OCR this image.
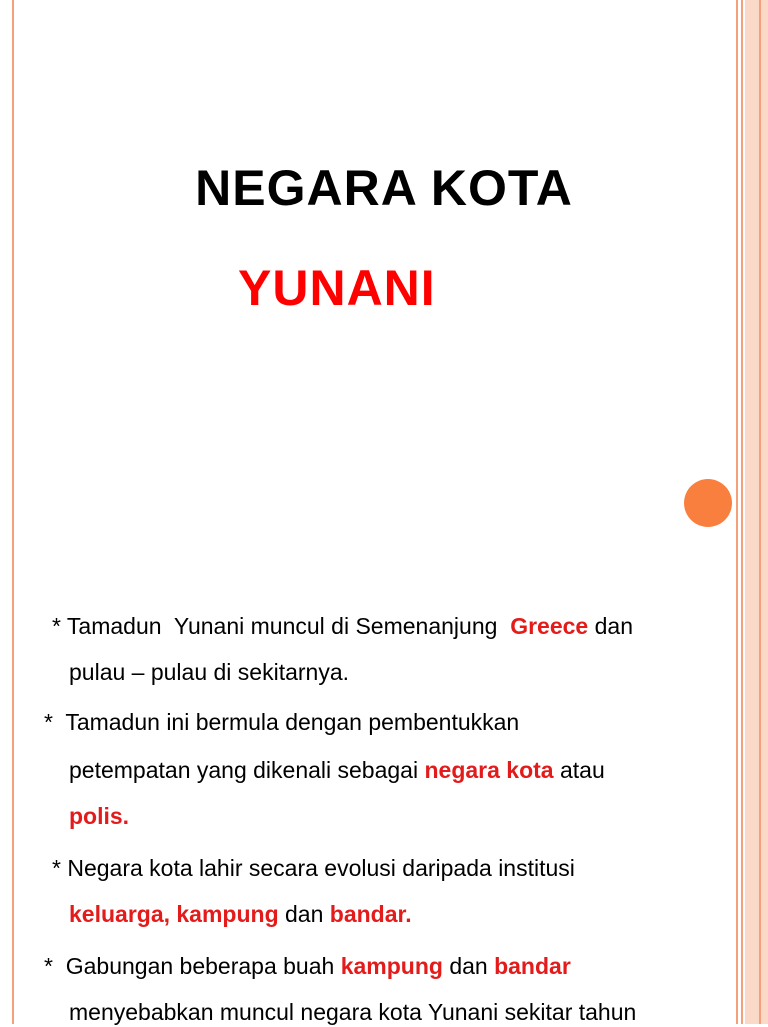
NEGARA KOTA
YUNANI
* Tamadun  Yunani muncul di Semenanjung  Greece dan
pulau – pulau di sekitarnya.
*  Tamadun ini bermula dengan pembentukkan
petempatan yang dikenali sebagai negara kota atau
polis.
* Negara kota lahir secara evolusi daripada institusi
keluarga, kampung dan bandar.
*  Gabungan beberapa buah kampung dan bandar
menyebabkan muncul negara kota Yunani sekitar tahun
